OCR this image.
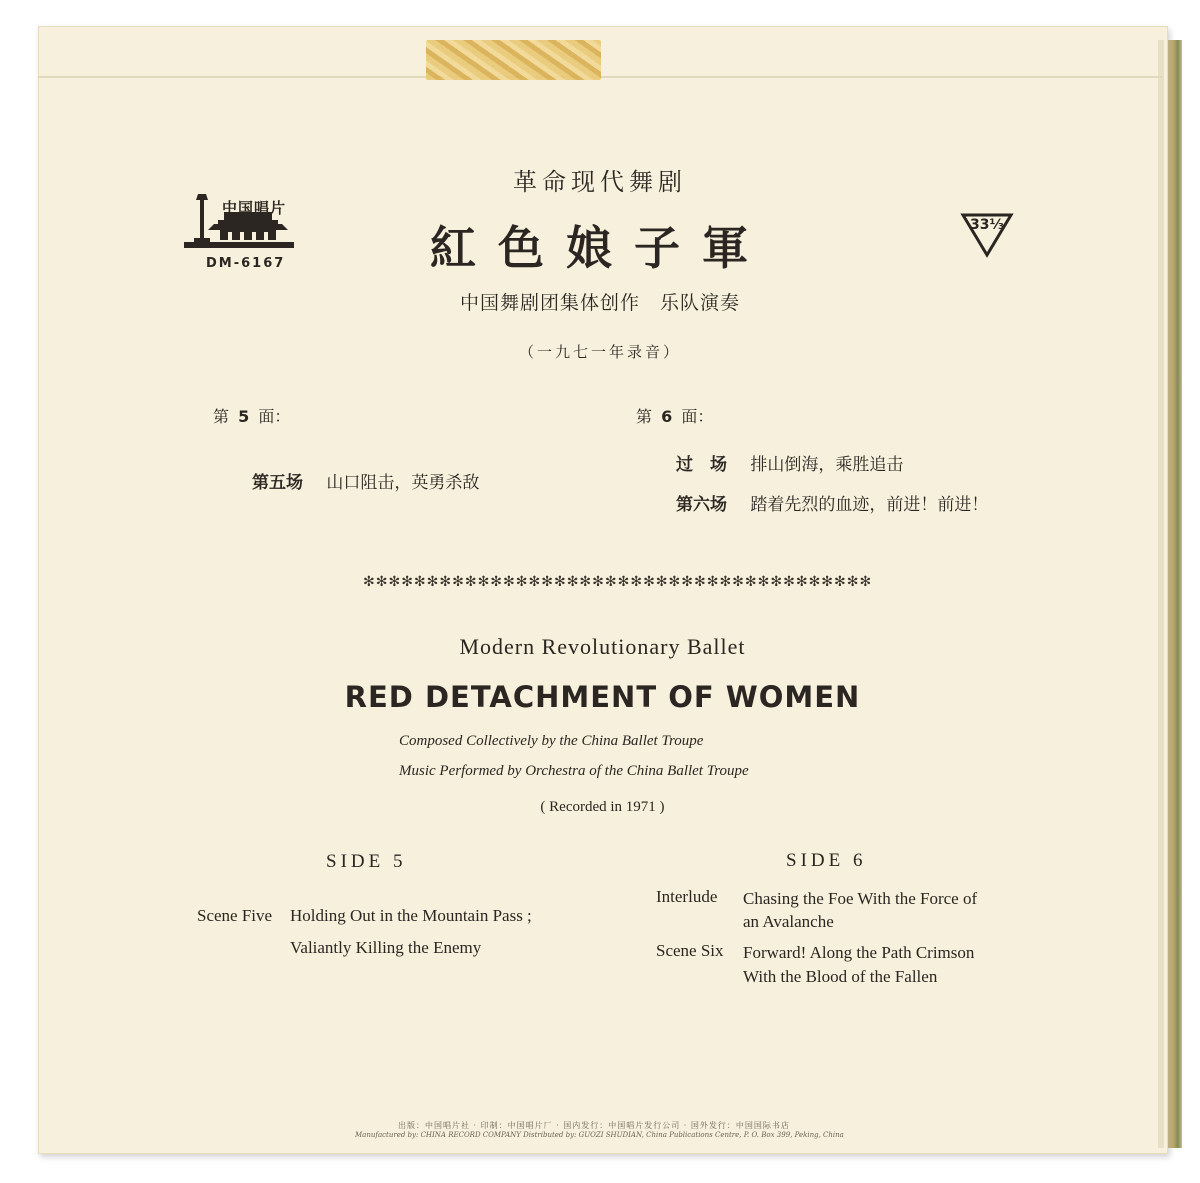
中国唱片
DM-6167
33⅓
革命现代舞剧
紅色娘子軍
中国舞剧团集体创作　乐队演奏
（一九七一年录音）
第 5 面：
第五场 山口阻击，英勇杀敌
第 6 面：
过　场 排山倒海，乘胜追击
第六场 踏着先烈的血迹，前进！前进！
✻✻✻✻✻✻✻✻✻✻✻✻✻✻✻✻✻✻✻✻✻✻✻✻✻✻✻✻✻✻✻✻✻✻✻✻✻✻✻✻
Modern Revolutionary Ballet
RED DETACHMENT OF WOMEN
Composed Collectively by the China Ballet Troupe
Music Performed by Orchestra of the China Ballet Troupe
( Recorded in 1971 )
SIDE 5
Scene Five Holding Out in the Mountain Pass ;
Valiantly Killing the Enemy
SIDE 6
Interlude Chasing the Foe With the Force of
an Avalanche
Scene Six Forward! Along the Path Crimson
With the Blood of the Fallen
出版：中国唱片社 · 印制：中国唱片厂 · 国内发行：中国唱片发行公司 · 国外发行：中国国际书店
Manufactured by: CHINA RECORD COMPANY Distributed by: GUOZI SHUDIAN, China Publications Centre, P. O. Box 399, Peking, China
